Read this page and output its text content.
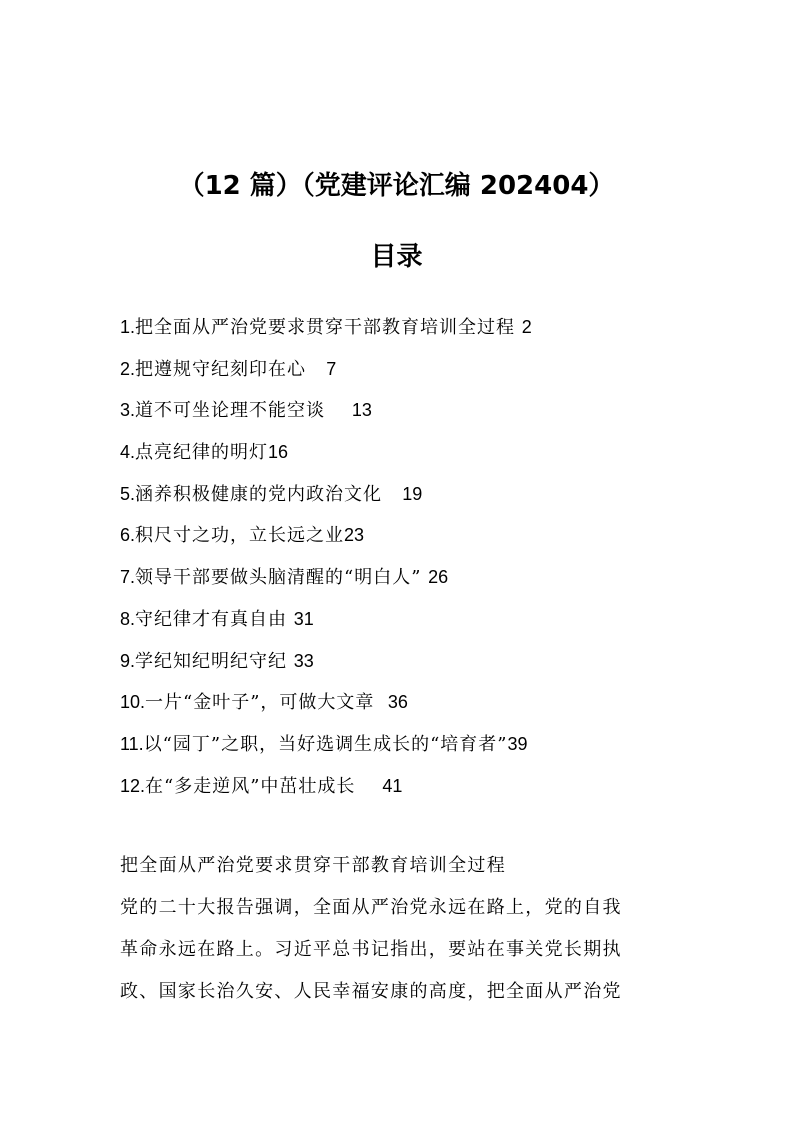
（12 篇）（党建评论汇编 202404）
目录
1.把全面从严治党要求贯穿干部教育培训全过程 2
2.把遵规守纪刻印在心   7
3.道不可坐论理不能空谈    13
4.点亮纪律的明灯16
5.涵养积极健康的党内政治文化   19
6.积尺寸之功，立长远之业23
7.领导干部要做头脑清醒的“明白人” 26
8.守纪律才有真自由 31
9.学纪知纪明纪守纪 33
10.一片“金叶子”，可做大文章  36
11.以“园丁”之职，当好选调生成长的“培育者”39
12.在“多走逆风”中茁壮成长    41
把全面从严治党要求贯穿干部教育培训全过程
党的二十大报告强调，全面从严治党永远在路上，党的自我
革命永远在路上。习近平总书记指出，要站在事关党长期执
政、国家长治久安、人民幸福安康的高度，把全面从严治党
